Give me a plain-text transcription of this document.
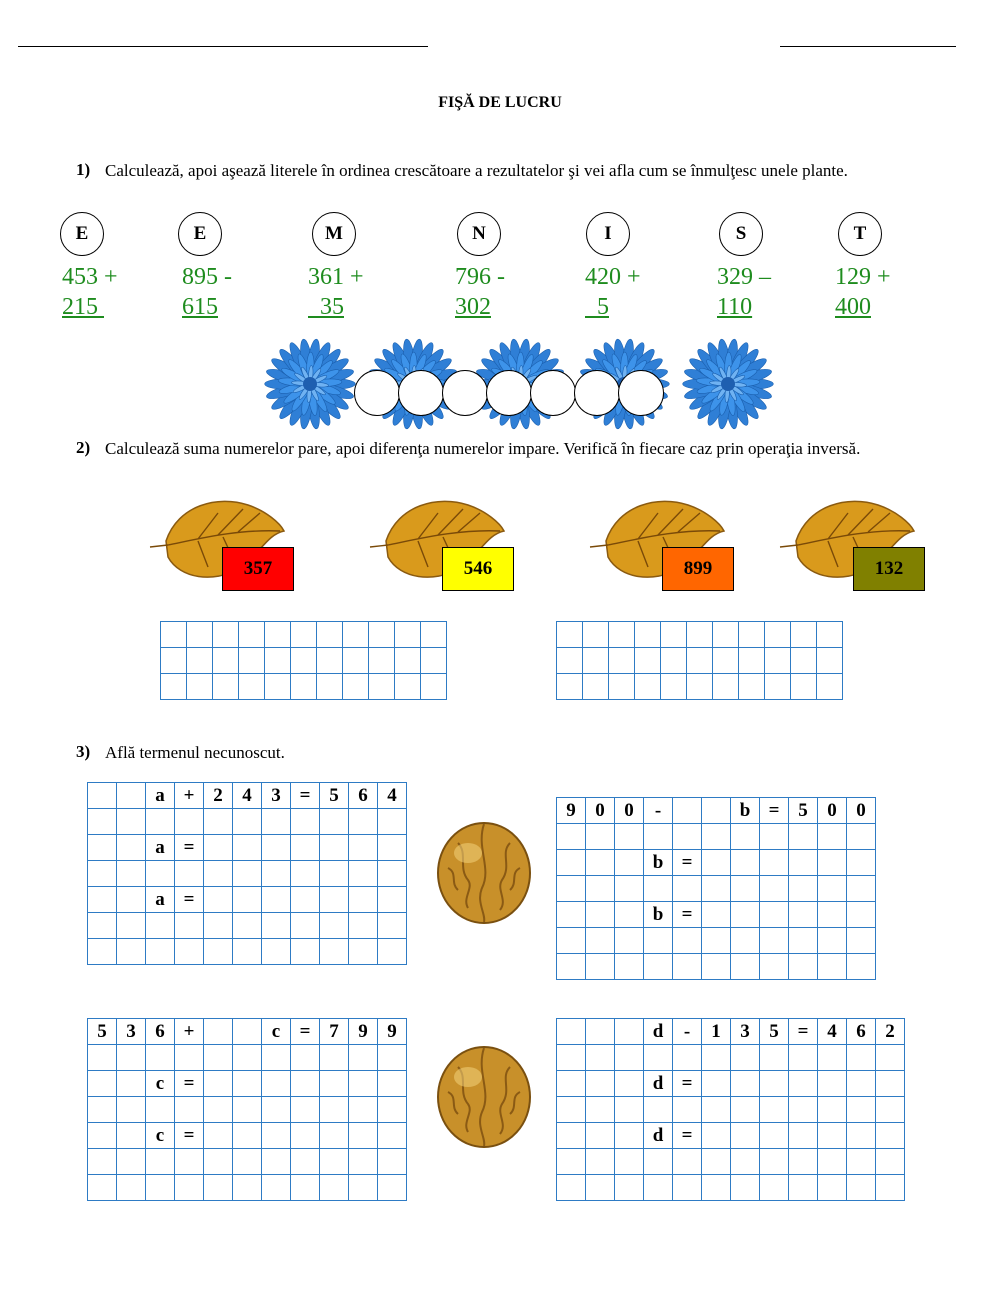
FIŞĂ DE LUCRU
1) Calculează, apoi aşează literele în ordinea crescătoare a rezultatelor şi vei afla cum se înmulţesc unele plante.
E
453 +
215
E
895 -
615
M
361 +
35
N
796 -
302
I
420 +
5
S
329 –
110
T
129 +
400
2) Calculează suma numerelor pare, apoi diferenţa numerelor impare. Verifică în fiecare caz prin operaţia inversă.
357	546	899	132

3) Află termenul necunoscut.
		a	+	2	4	3	=	5	6	4

		a	=							

		a	=							

9	0	0	-			b	=	5	0	0

			b	=						

			b	=						

5	3	6	+			c	=	7	9	9

		c	=							

		c	=							

			d	-	1	3	5	=	4	6	2

			d	=							

			d	=							
